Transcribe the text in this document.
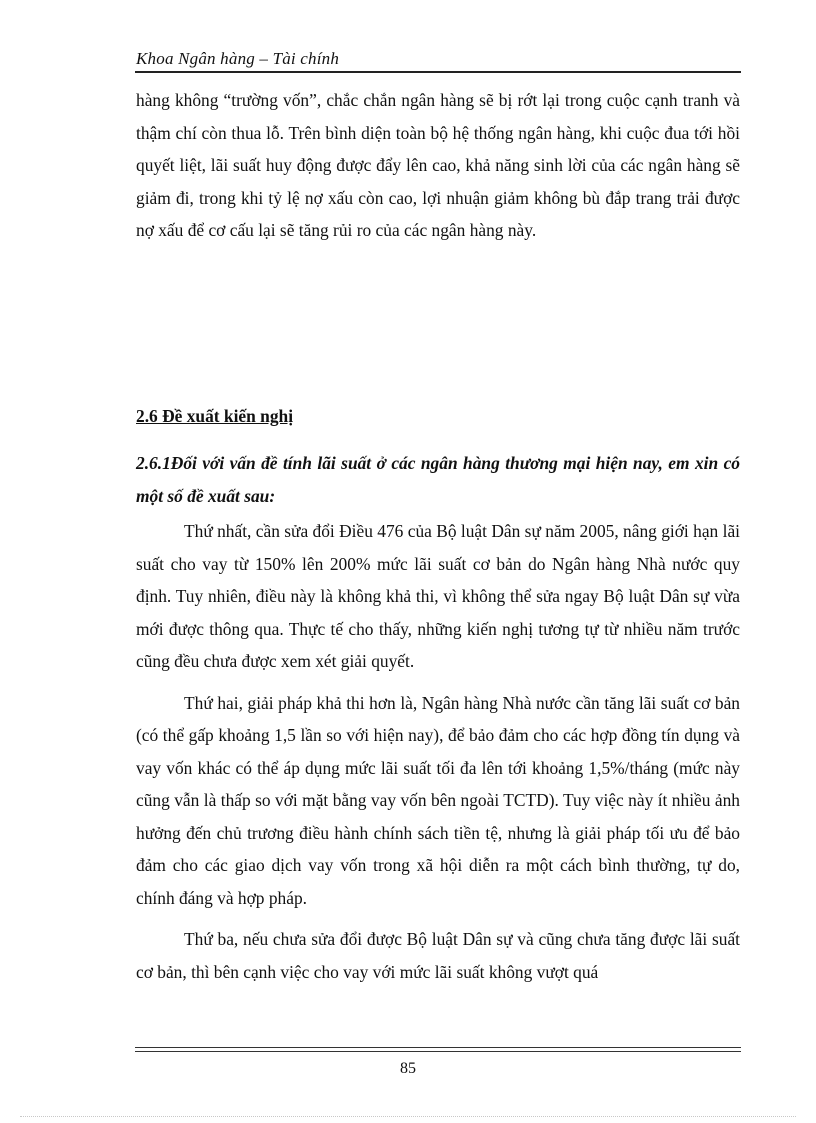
Khoa Ngân hàng – Tài chính

hàng không “trường vốn”, chắc chắn ngân hàng sẽ bị rớt lại trong cuộc cạnh tranh và thậm chí còn thua lỗ. Trên bình diện toàn bộ hệ thống ngân hàng, khi cuộc đua tới hồi quyết liệt, lãi suất huy động được đẩy lên cao, khả năng sinh lời của các ngân hàng sẽ giảm đi, trong khi tỷ lệ nợ xấu còn cao, lợi nhuận giảm không bù đắp trang trải được nợ xấu để cơ cấu lại sẽ tăng rủi ro của các ngân hàng này.

2.6 Đề xuất kiến nghị
2.6.1Đối với vấn đề tính lãi suất ở các ngân hàng thương mại hiện nay, em xin có một số đề xuất sau:

Thứ nhất, cần sửa đổi Điều 476 của Bộ luật Dân sự năm 2005, nâng giới hạn lãi suất cho vay từ 150% lên 200% mức lãi suất cơ bản do Ngân hàng Nhà nước quy định. Tuy nhiên, điều này là không khả thi, vì không thể sửa ngay Bộ luật Dân sự vừa mới được thông qua. Thực tế cho thấy, những kiến nghị tương tự từ nhiều năm trước cũng đều chưa được xem xét giải quyết.

Thứ hai, giải pháp khả thi hơn là, Ngân hàng Nhà nước cần tăng lãi suất cơ bản (có thể gấp khoảng 1,5 lần so với hiện nay), để bảo đảm cho các hợp đồng tín dụng và vay vốn khác có thể áp dụng mức lãi suất tối đa lên tới khoảng 1,5%/tháng (mức này cũng vẫn là thấp so với mặt bằng vay vốn bên ngoài TCTD). Tuy việc này ít nhiều ảnh hưởng đến chủ trương điều hành chính sách tiền tệ, nhưng là giải pháp tối ưu để bảo đảm cho các giao dịch vay vốn trong xã hội diễn ra một cách bình thường, tự do, chính đáng và hợp pháp.

Thứ ba, nếu chưa sửa đổi được Bộ luật Dân sự và cũng chưa tăng được lãi suất cơ bản, thì bên cạnh việc cho vay với mức lãi suất không vượt quá

85
